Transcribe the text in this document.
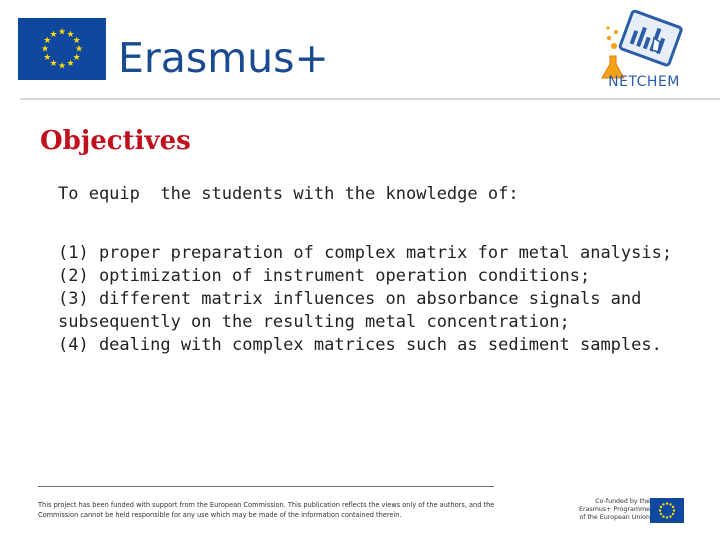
★ ★
★
★
★
★
★
★
★
★
★
★ Erasmus+	NETCHEM
Objectives
To equip  the students with the knowledge of:
(1) proper preparation of complex matrix for metal analysis;
(2) optimization of instrument operation conditions;
(3) different matrix influences on absorbance signals and
subsequently on the resulting metal concentration;
(4) dealing with complex matrices such as sediment samples.
This project has been funded with support from the European Commission. This publication reflects the views only of the authors, and the Commission cannot be held responsible for any use which may be made of the information contained therein.
Co-funded by the
Erasmus+ Programme
of the European Union
